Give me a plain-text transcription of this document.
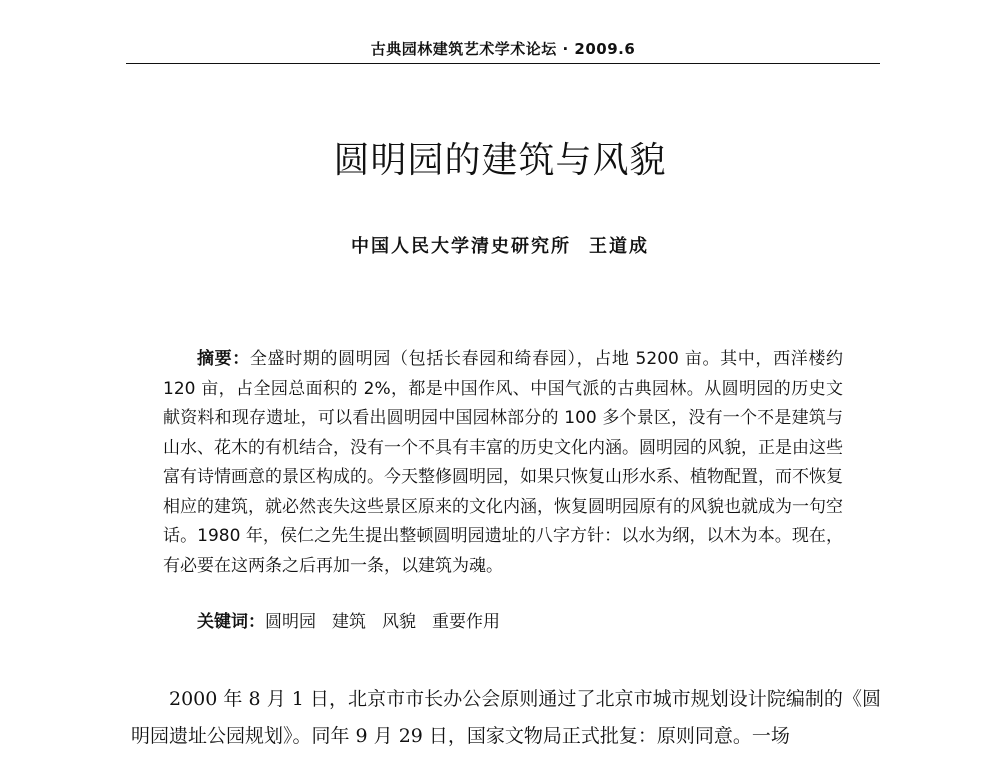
古典园林建筑艺术学术论坛 · 2009.6
圆明园的建筑与风貌
中国人民大学清史研究所 王道成
摘要：全盛时期的圆明园（包括长春园和绮春园），占地 5200 亩。其中，西洋楼约 120 亩，占全园总面积的 2%，都是中国作风、中国气派的古典园林。从圆明园的历史文献资料和现存遗址，可以看出圆明园中国园林部分的 100 多个景区，没有一个不是建筑与山水、花木的有机结合，没有一个不具有丰富的历史文化内涵。圆明园的风貌，正是由这些富有诗情画意的景区构成的。今天整修圆明园，如果只恢复山形水系、植物配置，而不恢复相应的建筑，就必然丧失这些景区原来的文化内涵，恢复圆明园原有的风貌也就成为一句空话。1980 年，侯仁之先生提出整顿圆明园遗址的八字方针：以水为纲，以木为本。现在，有必要在这两条之后再加一条，以建筑为魂。
关键词：圆明园 建筑 风貌 重要作用
2000 年 8 月 1 日，北京市市长办公会原则通过了北京市城市规划设计院编制的《圆明园遗址公园规划》。同年 9 月 29 日，国家文物局正式批复：原则同意。一场
